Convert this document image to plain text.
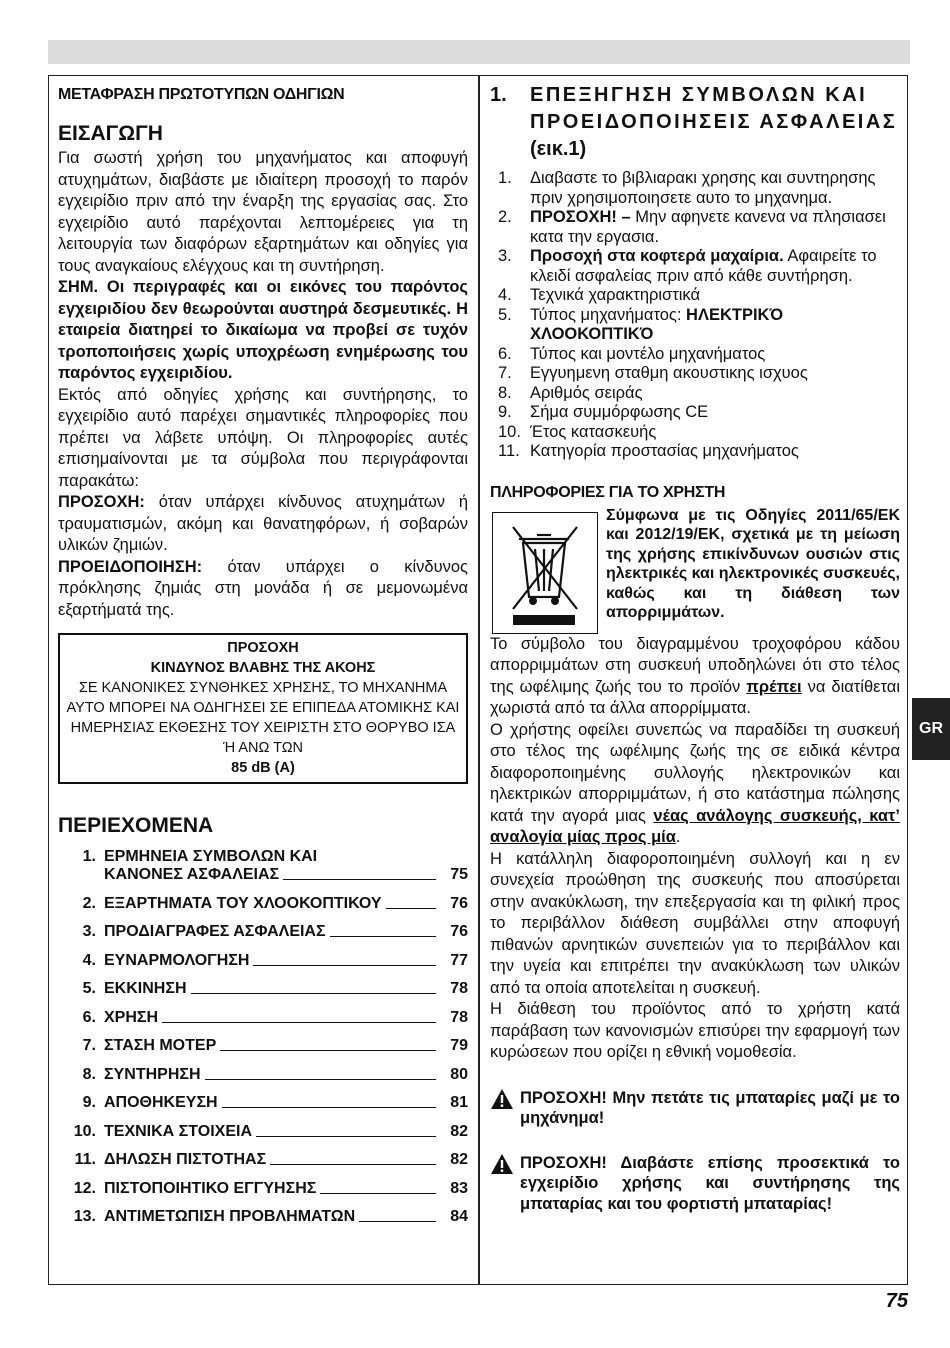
ΜΕΤΑΦΡΑΣΗ ΠΡΩΤΟΤΥΠΩΝ ΟΔΗΓΙΩΝ
ΕΙΣΑΓΩΓΗ

Για σωστή χρήση του μηχανήματος και αποφυγή ατυχημάτων, διαβάστε με ιδιαίτερη προσοχή το παρόν εγχειρίδιο πριν από την έναρξη της εργασίας σας. Στο εγχειρίδιο αυτό παρέχονται λεπτομέρειες για τη λειτουργία των διαφόρων εξαρτημάτων και οδηγίες για τους αναγκαίους ελέγχους και τη συντήρηση.

ΣΗΜ. Οι περιγραφές και οι εικόνες του παρόντος εγχειριδίου δεν θεωρούνται αυστηρά δεσμευτικές. Η εταιρεία διατηρεί το δικαίωμα να προβεί σε τυχόν τροποποιήσεις χωρίς υποχρέωση ενημέρωσης του παρόντος εγχειριδίου.

Εκτός από οδηγίες χρήσης και συντήρησης, το εγχειρίδιο αυτό παρέχει σημαντικές πληροφορίες που πρέπει να λάβετε υπόψη. Οι πληροφορίες αυτές επισημαίνονται με τα σύμβολα που περιγράφονται παρακάτω:

ΠΡΟΣΟΧΗ: όταν υπάρχει κίνδυνος ατυχημάτων ή τραυματισμών, ακόμη και θανατηφόρων, ή σοβαρών υλικών ζημιών.

ΠΡΟΕΙΔΟΠΟΙΗΣΗ: όταν υπάρχει ο κίνδυνος πρόκλησης ζημιάς στη μονάδα ή σε μεμονωμένα εξαρτήματά της.

ΠΡΟΣΟΧΗ
ΚΙΝΔΥΝΟΣ ΒΛΑΒΗΣ ΤΗΣ ΑΚΟΗΣ
ΣΕ ΚΑΝΟΝΙΚΕΣ ΣΥΝΘΗΚΕΣ ΧΡΗΣΗΣ, ΤΟ ΜΗΧΑΝΗΜΑ ΑΥΤΟ ΜΠΟΡΕΙ ΝΑ ΟΔΗΓΗΣΕΙ ΣΕ ΕΠΙΠΕΔΑ ΑΤΟΜΙΚΗΣ ΚΑΙ ΗΜΕΡΗΣΙΑΣ ΕΚΘΕΣΗΣ ΤΟΥ ΧΕΙΡΙΣΤΗ ΣΤΟ ΘΟΡΥΒΟ ΙΣΑ Ή ΑΝΩ ΤΩΝ
85 dB (A)
ΠΕΡΙΕΧΟΜΕΝΑ
1. ΕΡΜΗΝΕΙΑ ΣΥΜΒΟΛΩΝ ΚΑΙ
ΚΑΝΟΝΕΣ ΑΣΦΑΛΕΙΑΣ	75
2. ΕΞΑΡΤΗΜΑΤΑ ΤΟΥ ΧΛΟΟΚΟΠΤΙΚΟΥ	76
3. ΠΡΟΔΙΑΓΡΑΦΕΣ ΑΣΦΑΛΕΙΑΣ	76
4. ΕΥΝΑΡΜΟΛΟΓΗΣΗ	77
5. ΕΚΚΙΝΗΣΗ	78
6. ΧΡΗΣΗ	78
7. ΣΤΑΣΗ ΜΟΤΕΡ	79
8. ΣΥΝΤΗΡΗΣΗ	80
9. ΑΠΟΘΗΚΕΥΣΗ	81
10. ΤΕΧΝΙΚΑ ΣΤΟΙΧΕΙΑ	82
11. ΔΗΛΩΣΗ ΠΙΣΤΟΤΗΑΣ	82
12. ΠΙΣΤΟΠΟΙΗΤΙΚΟ ΕΓΓΥΗΣΗΣ	83
13. ΑΝΤΙΜΕΤΩΠΙΣΗ ΠΡΟΒΛΗΜΑΤΩΝ	84
1. ΕΠΕΞΗΓΗΣΗ ΣΥΜΒΟΛΩΝ ΚΑΙ
ΠΡΟΕΙΔΟΠΟΙΗΣΕΙΣ ΑΣΦΑΛΕΙΑΣ
(εικ.1)
1.	Διαβαστε το βιβλιαρακι χρησης και συντηρησης πριν χρησιμοποιησετε αυτο το μηχανημα.
2.	ΠΡΟΣΟΧΗ! – Μην αφηνετε κανενα να πλησιασει κατα την εργασια.
3.	Προσοχή στα κοφτερά μαχαίρια. Αφαιρείτε το κλειδί ασφαλείας πριν από κάθε συντήρηση.
4.	Τεχνικά χαρακτηριστικά
5.	Τύπος μηχανήματος: ΗΛΕΚΤΡΙΚΌ ΧΛΟΟΚΟΠΤΙΚΌ
6.	Τύπος και μοντέλο μηχανήματος
7.	Εγγυημενη σταθμη ακουστικης ισχυος
8.	Αριθμός σειράς
9.	Σήμα συμμόρφωσης CE
10. Έτος κατασκευής
11. Κατηγορία προστασίας μηχανήματος
ΠΛΗΡΟΦΟΡΙΕΣ ΓΙΑ ΤΟ ΧΡΗΣΤΗ
Σύμφωνα με τις Οδηγίες 2011/65/ΕΚ και 2012/19/ΕΚ, σχετικά με τη μείωση της χρήσης επικίνδυνων ουσιών στις ηλεκτρικές και ηλεκτρονικές συσκευές, καθώς και τη διάθεση των απορριμμάτων.

Το σύμβολο του διαγραμμένου τροχοφόρου κάδου απορριμμάτων στη συσκευή υποδηλώνει ότι στο τέλος της ωφέλιμης ζωής του το προϊόν πρέπει να διατίθεται χωριστά από τα άλλα απορρίμματα.

Ο χρήστης οφείλει συνεπώς να παραδίδει τη συσκευή στο τέλος της ωφέλιμης ζωής της σε ειδικά κέντρα διαφοροποιημένης συλλογής ηλεκτρονικών και ηλεκτρικών απορριμμάτων, ή στο κατάστημα πώλησης κατά την αγορά μιας νέας ανάλογης συσκευής, κατ’ αναλογία μίας προς μία.

Η κατάλληλη διαφοροποιημένη συλλογή και η εν συνεχεία προώθηση της συσκευής που αποσύρεται στην ανακύκλωση, την επεξεργασία και τη φιλική προς το περιβάλλον διάθεση συμβάλλει στην αποφυγή πιθανών αρνητικών συνεπειών για το περιβάλλον και την υγεία και επιτρέπει την ανακύκλωση των υλικών από τα οποία αποτελείται η συσκευή.

Η διάθεση του προϊόντος από το χρήστη κατά παράβαση των κανονισμών επισύρει την εφαρμογή των κυρώσεων που ορίζει η εθνική νομοθεσία.

ΠΡΟΣΟΧΗ! Μην πετάτε τις μπαταρίες μαζί με το μηχάνημα!
ΠΡΟΣΟΧΗ! Διαβάστε επίσης προσεκτικά το εγχειρίδιο χρήσης και συντήρησης της μπαταρίας και του φορτιστή μπαταρίας!
GR
75
